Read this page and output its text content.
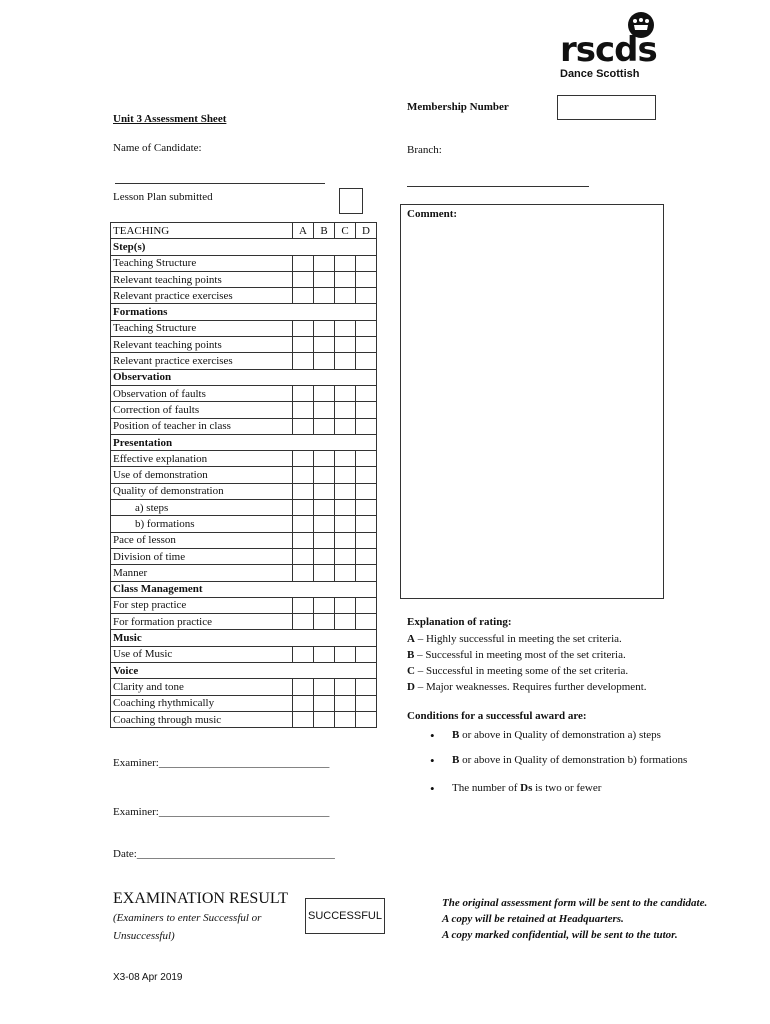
rscds
Dance Scottish
Membership Number
Unit 3 Assessment Sheet
Name of Candidate:	Branch:
Lesson Plan submitted
TEACHING	A	B	C	D
Step(s)				
Teaching Structure				
Relevant teaching points				
Relevant practice exercises				
Formations				
Teaching Structure				
Relevant teaching points				
Relevant practice exercises				
Observation				
Observation of faults				
Correction of faults				
Position of teacher in class				
Presentation				
Effective explanation				
Use of demonstration				
Quality of demonstration				
a) steps				
b) formations				
Pace of lesson				
Division of time				
Manner				
Class Management				
For step practice				
For formation practice				
Music				
Use of Music				
Voice				
Clarity and tone				
Coaching rhythmically				
Coaching through music				
Comment:
Explanation of rating:
A – Highly successful in meeting the set criteria.
B – Successful in meeting most of the set criteria.
C – Successful in meeting some of the set criteria.
D – Major weaknesses. Requires further development.
Conditions for a successful award are:
• B or above in Quality of demonstration a) steps
• B or above in Quality of demonstration b) formations
• The number of Ds is two or fewer
Examiner:_______________________________
Examiner:_______________________________
Date:____________________________________
EXAMINATION RESULT
(Examiners to enter Successful or
Unsuccessful)
SUCCESSFUL
The original assessment form will be sent to the candidate.
A copy will be retained at Headquarters.
A copy marked confidential, will be sent to the tutor.
X3-08 Apr 2019
